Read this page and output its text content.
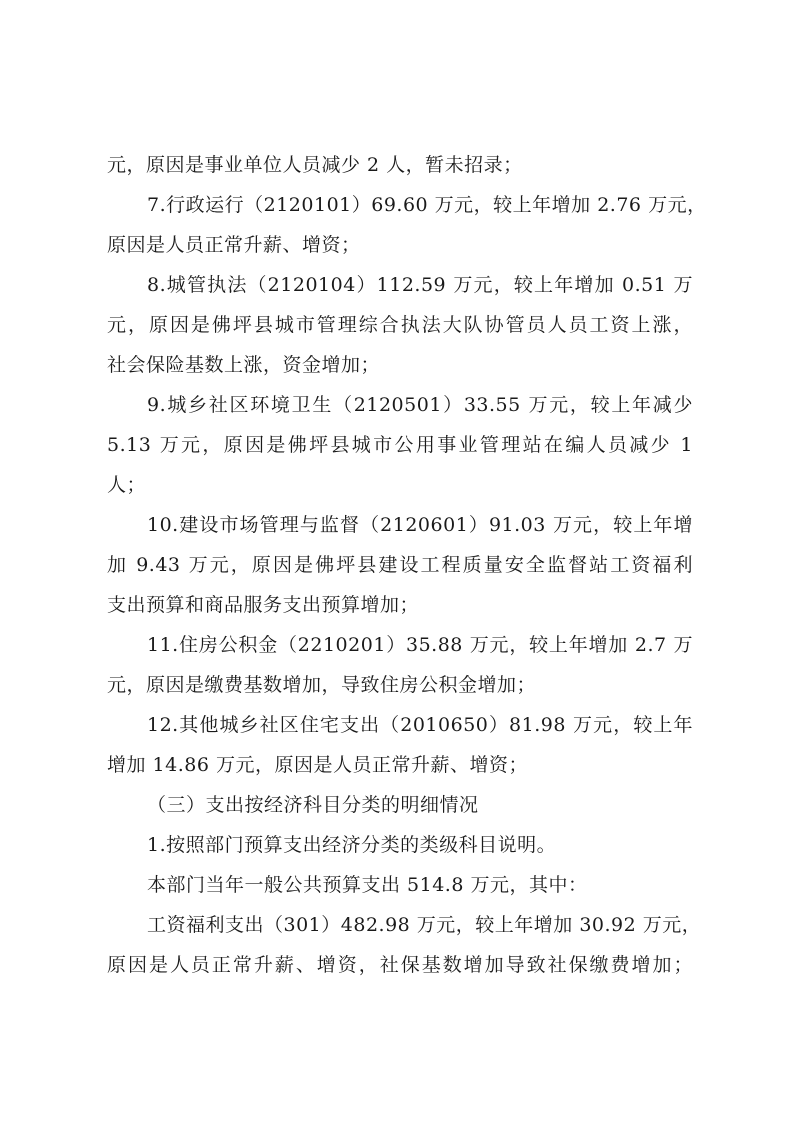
元，原因是事业单位人员减少 2 人，暂未招录；
7.行政运行（2120101）69.60 万元，较上年增加 2.76 万元，
原因是人员正常升薪、增资；
8.城管执法（2120104）112.59 万元，较上年增加 0.51 万
元，原因是佛坪县城市管理综合执法大队协管员人员工资上涨，
社会保险基数上涨，资金增加；
9.城乡社区环境卫生（2120501）33.55 万元，较上年减少
5.13 万元，原因是佛坪县城市公用事业管理站在编人员减少 1
人；
10.建设市场管理与监督（2120601）91.03 万元，较上年增
加 9.43 万元，原因是佛坪县建设工程质量安全监督站工资福利
支出预算和商品服务支出预算增加；
11.住房公积金（2210201）35.88 万元，较上年增加 2.7 万
元，原因是缴费基数增加，导致住房公积金增加；
12.其他城乡社区住宅支出（2010650）81.98 万元，较上年
增加 14.86 万元，原因是人员正常升薪、增资；
（三）支出按经济科目分类的明细情况
1.按照部门预算支出经济分类的类级科目说明。
本部门当年一般公共预算支出 514.8 万元，其中：
工资福利支出（301）482.98 万元，较上年增加 30.92 万元，
原因是人员正常升薪、增资，社保基数增加导致社保缴费增加；
